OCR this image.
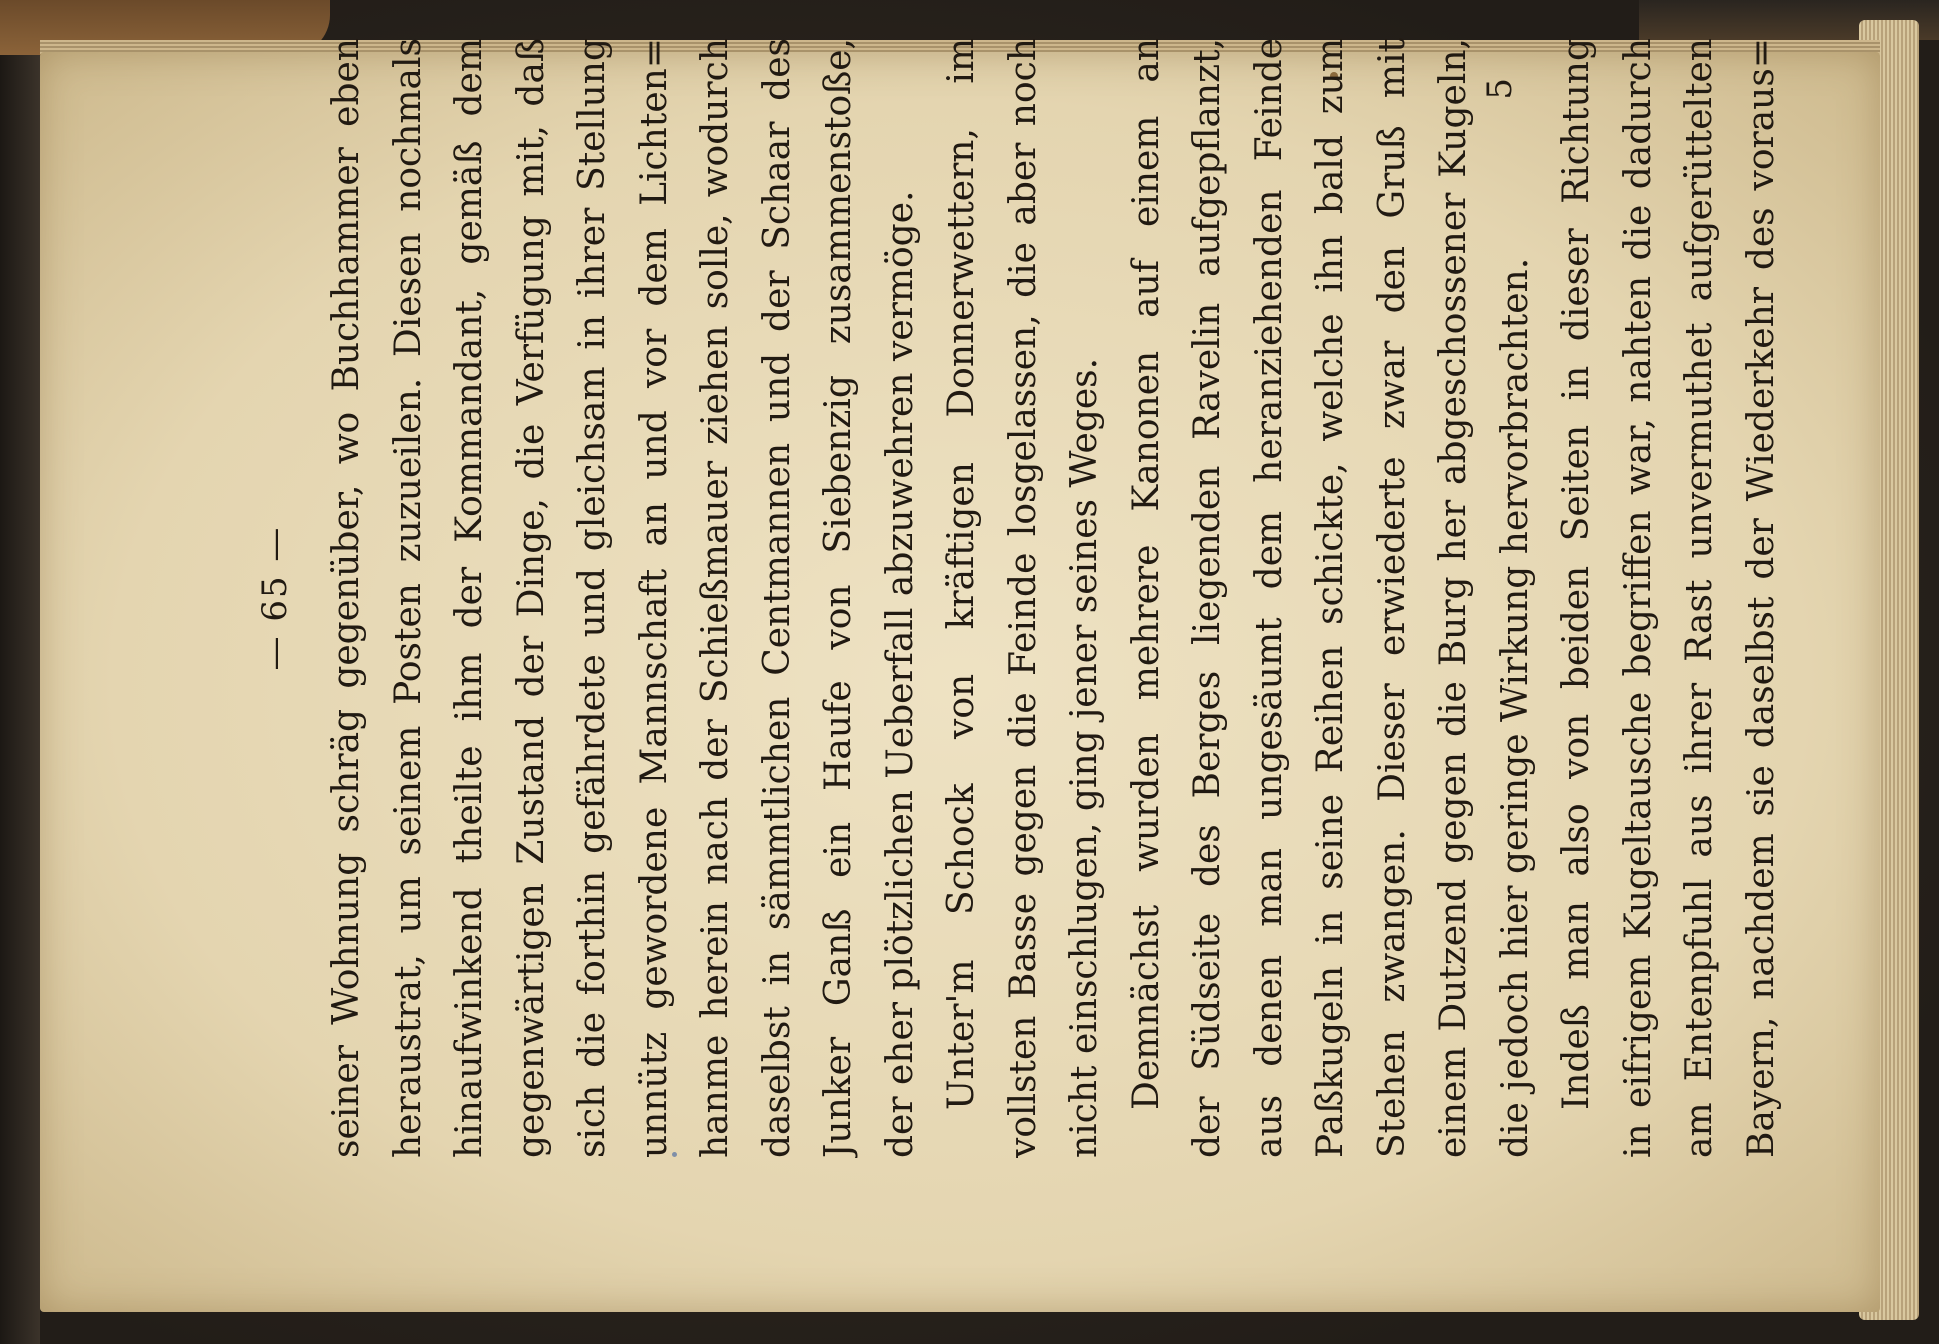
— 65 — seiner Wohnung schräg gegenüber, wo Buchhammer eben heraustrat, um seinem Posten zuzueilen. Diesen nochmals hinaufwinkend theilte ihm der Kommandant, gemäß dem gegenwärtigen Zustand der Dinge, die Verfügung mit, daß sich die forthin gefährdete und gleichsam in ihrer Stellung unnütz gewordene Mannschaft an und vor dem Lichten= hanme herein nach der Schießmauer ziehen solle, wodurch daselbst in sämmtlichen Centmannen und der Schaar des Junker Ganß ein Haufe von Siebenzig zusammenstoße, der eher plötzlichen Ueberfall abzuwehren vermöge. Unter'm Schock von kräftigen Donnerwettern, im vollsten Basse gegen die Feinde losgelassen, die aber noch nicht einschlugen, ging jener seines Weges. Demnächst wurden mehrere Kanonen auf einem an der Südseite des Berges liegenden Ravelin aufgepflanzt, aus denen man ungesäumt dem heranziehenden Feinde Paßkugeln in seine Reihen schickte, welche ihn bald zum Stehen zwangen. Dieser erwiederte zwar den Gruß mit einem Dutzend gegen die Burg her abgeschossener Kugeln, die jedoch hier geringe Wirkung hervorbrachten. Indeß man also von beiden Seiten in dieser Richtung in eifrigem Kugeltausche begriffen war, nahten die dadurch am Entenpfuhl aus ihrer Rast unvermuthet aufgerüttelten Bayern, nachdem sie daselbst der Wiederkehr des voraus=
5
